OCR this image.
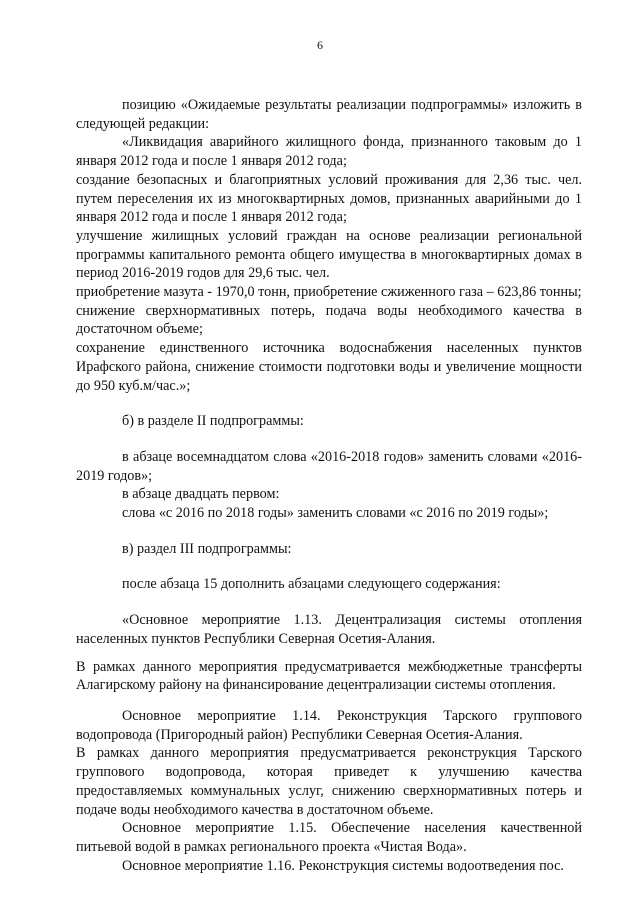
6

позицию «Ожидаемые результаты реализации подпрограммы» изложить в следующей редакции:

«Ликвидация аварийного жилищного фонда, признанного таковым до 1 января 2012 года и после 1 января 2012 года;

создание безопасных и благоприятных условий проживания для 2,36 тыс. чел. путем переселения их из многоквартирных домов, признанных аварийными до 1 января 2012 года и после 1 января 2012 года;

улучшение жилищных условий граждан на основе реализации региональной программы капитального ремонта общего имущества в многоквартирных домах в период 2016-2019 годов для 29,6 тыс. чел.

приобретение мазута - 1970,0 тонн, приобретение сжиженного газа – 623,86 тонны;

снижение сверхнормативных потерь, подача воды необходимого качества в достаточном объеме;

сохранение единственного источника водоснабжения населенных пунктов Ирафского района, снижение стоимости подготовки воды и увеличение мощности до 950 куб.м/час.»;

б) в разделе II подпрограммы:

в абзаце восемнадцатом слова «2016-2018 годов» заменить словами «2016-2019 годов»;

в абзаце двадцать первом:

слова «с 2016 по 2018 годы» заменить словами «с 2016 по 2019 годы»;

в) раздел III подпрограммы:

после абзаца 15 дополнить абзацами следующего содержания:

«Основное мероприятие 1.13. Децентрализация системы отопления населенных пунктов Республики Северная Осетия-Алания.

В рамках данного мероприятия предусматривается межбюджетные трансферты Алагирскому району на финансирование децентрализации системы отопления.

Основное мероприятие 1.14. Реконструкция Тарского группового водопровода (Пригородный район) Республики Северная Осетия-Алания.

В рамках данного мероприятия предусматривается реконструкция Тарского группового водопровода, которая приведет к улучшению качества предоставляемых коммунальных услуг, снижению сверхнормативных потерь и подаче воды необходимого качества в достаточном объеме.

Основное мероприятие 1.15. Обеспечение населения качественной питьевой водой в рамках регионального проекта «Чистая Вода».

Основное мероприятие 1.16. Реконструкция системы водоотведения пос.
